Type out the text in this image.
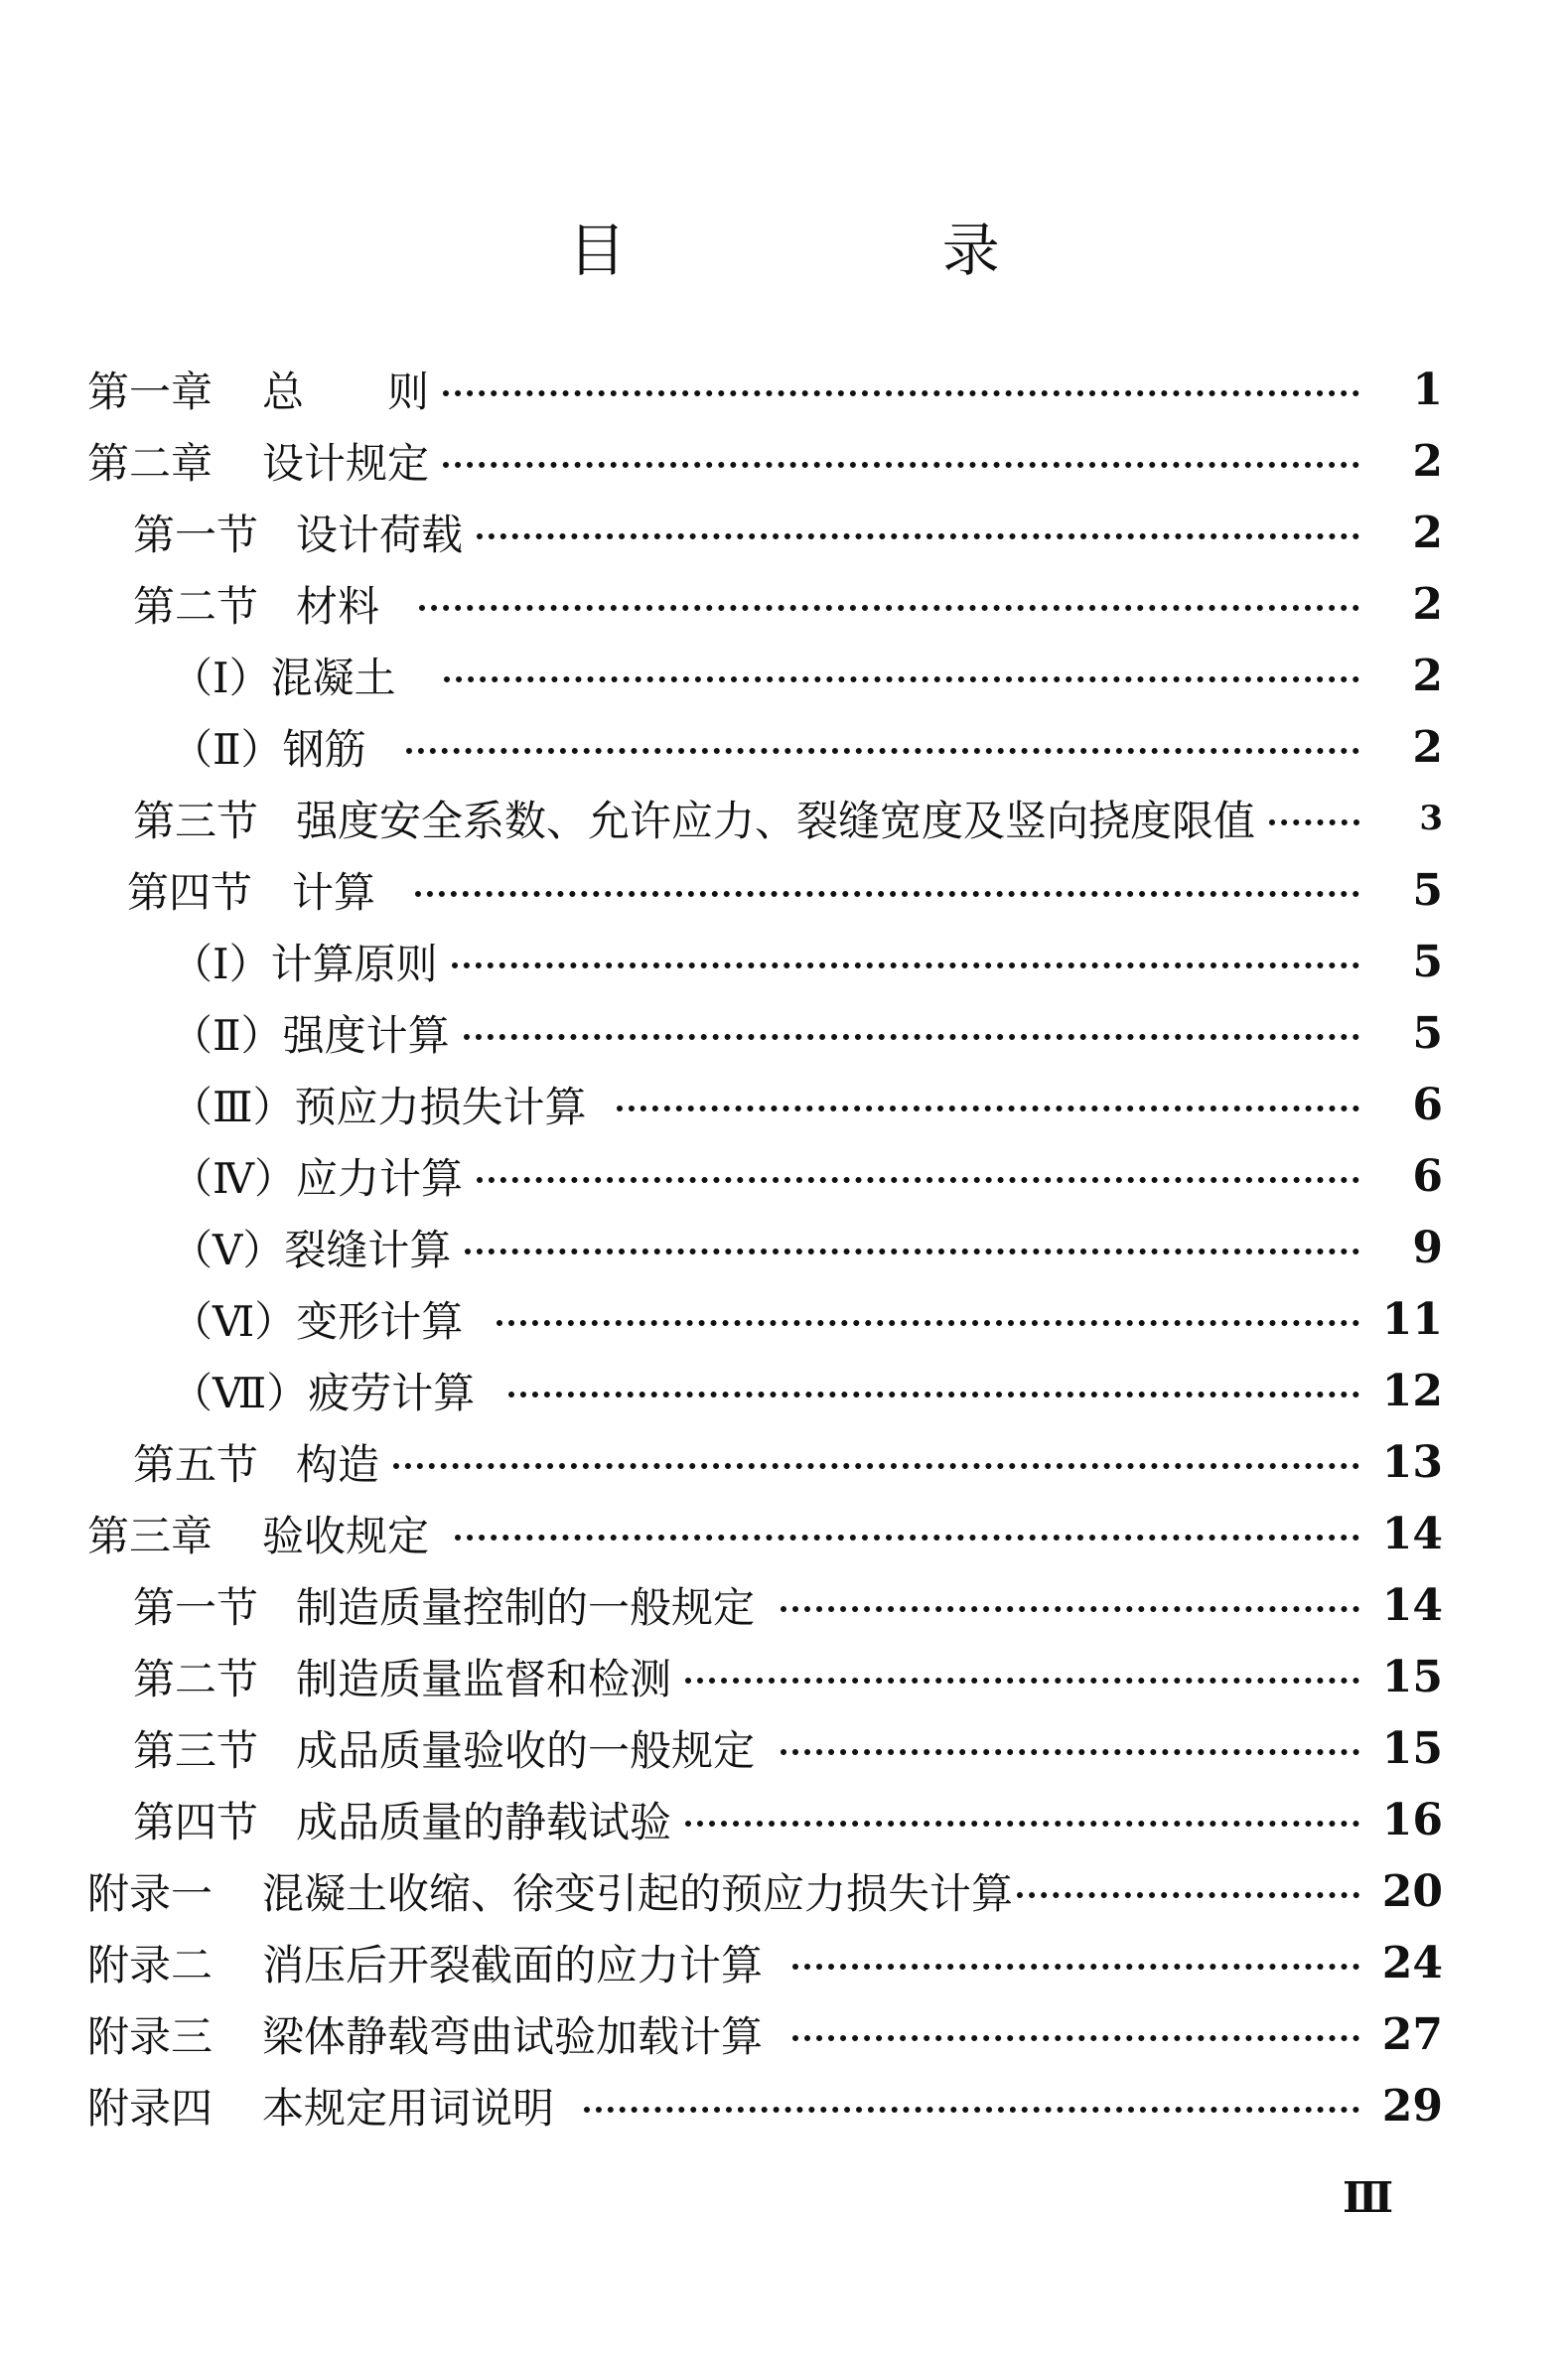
目 录
第一章 总　　则	1
第二章 设计规定	2
第一节 设计荷载	2
第二节 材料	2
（Ⅰ） 混凝土	2
（Ⅱ） 钢筋	2
第三节 强度安全系数、允许应力、裂缝宽度及竖向挠度限值	3
第四节 计算	5
（Ⅰ） 计算原则	5
（Ⅱ） 强度计算	5
（Ⅲ） 预应力损失计算	6
（Ⅳ） 应力计算	6
（Ⅴ） 裂缝计算	9
（Ⅵ） 变形计算	11
（Ⅶ） 疲劳计算	12
第五节 构造	13
第三章 验收规定	14
第一节 制造质量控制的一般规定	14
第二节 制造质量监督和检测	15
第三节 成品质量验收的一般规定	15
第四节 成品质量的静载试验	16
附录一 混凝土收缩、徐变引起的预应力损失计算	20
附录二 消压后开裂截面的应力计算	24
附录三 梁体静载弯曲试验加载计算	27
附录四 本规定用词说明	29
Ⅲ
